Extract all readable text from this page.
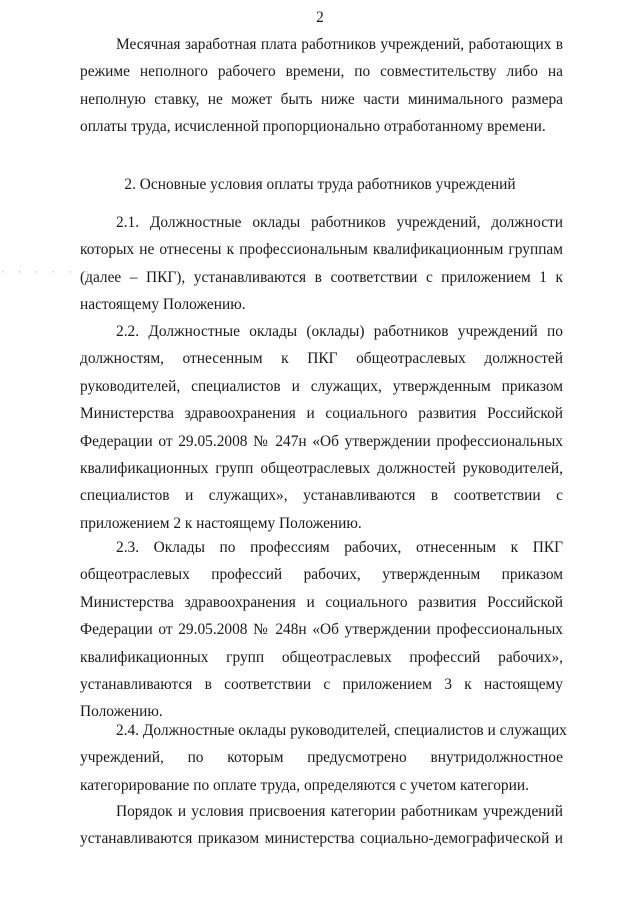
2
Месячная заработная плата работников учреждений, работающих в
режиме неполного рабочего времени, по совместительству либо на
неполную ставку, не может быть ниже части минимального размера
оплаты труда, исчисленной пропорционально отработанному времени.
2. Основные условия оплаты труда работников учреждений
2.1. Должностные оклады работников учреждений, должности
которых не отнесены к профессиональным квалификационным группам
(далее – ПКГ), устанавливаются в соответствии с приложением 1 к
настоящему Положению.
2.2. Должностные оклады (оклады) работников учреждений по
должностям, отнесенным к ПКГ общеотраслевых должностей
руководителей, специалистов и служащих, утвержденным приказом
Министерства здравоохранения и социального развития Российской
Федерации от 29.05.2008 № 247н «Об утверждении профессиональных
квалификационных групп общеотраслевых должностей руководителей,
специалистов и служащих», устанавливаются в соответствии с
приложением 2 к настоящему Положению.
2.3. Оклады по профессиям рабочих, отнесенным к ПКГ
общеотраслевых профессий рабочих, утвержденным приказом
Министерства здравоохранения и социального развития Российской
Федерации от 29.05.2008 № 248н «Об утверждении профессиональных
квалификационных групп общеотраслевых профессий рабочих»,
устанавливаются в соответствии с приложением 3 к настоящему
Положению.
2.4. Должностные оклады руководителей, специалистов и служащих
учреждений, по которым предусмотрено внутридолжностное
категорирование по оплате труда, определяются с учетом категории.
Порядок и условия присвоения категории работникам учреждений
устанавливаются приказом министерства социально-демографической и
· · · · · ·
